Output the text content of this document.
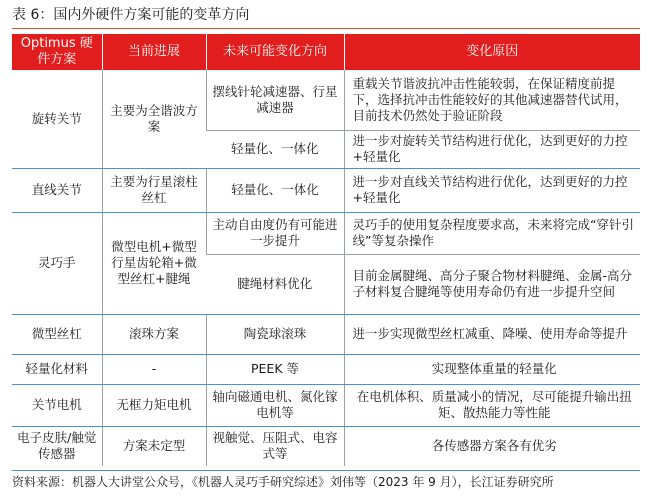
表 6：国内外硬件方案可能的变革方向
Optimus 硬件方案	当前进展	未来可能变化方向	变化原因
旋转关节	主要为全谐波方案	摆线针轮减速器、行星减速器	重载关节谐波抗冲击性能较弱，在保证精度前提下，选择抗冲击性能较好的其他减速器替代试用，目前技术仍然处于验证阶段
		轻量化、一体化	进一步对旋转关节结构进行优化，达到更好的力控+轻量化
直线关节	主要为行星滚柱丝杠	轻量化、一体化	进一步对直线关节结构进行优化，达到更好的力控+轻量化
灵巧手	微型电机+微型行星齿轮箱+微型丝杠+腱绳	主动自由度仍有可能进一步提升	灵巧手的使用复杂程度要求高，未来将完成“穿针引线”等复杂操作
		腱绳材料优化	目前金属腱绳、高分子聚合物材料腱绳、金属-高分子材料复合腱绳等使用寿命仍有进一步提升空间
微型丝杠	滚珠方案	陶瓷球滚珠	进一步实现微型丝杠减重、降噪、使用寿命等提升
轻量化材料	-	PEEK 等	实现整体重量的轻量化
关节电机	无框力矩电机	轴向磁通电机、氮化镓电机等	在电机体积、质量减小的情况，尽可能提升输出扭矩、散热能力等性能
电子皮肤/触觉传感器	方案未定型	视触觉、压阻式、电容式等	各传感器方案各有优劣
资料来源：机器人大讲堂公众号，《机器人灵巧手研究综述》刘伟等（2023 年 9 月），长江证券研究所
